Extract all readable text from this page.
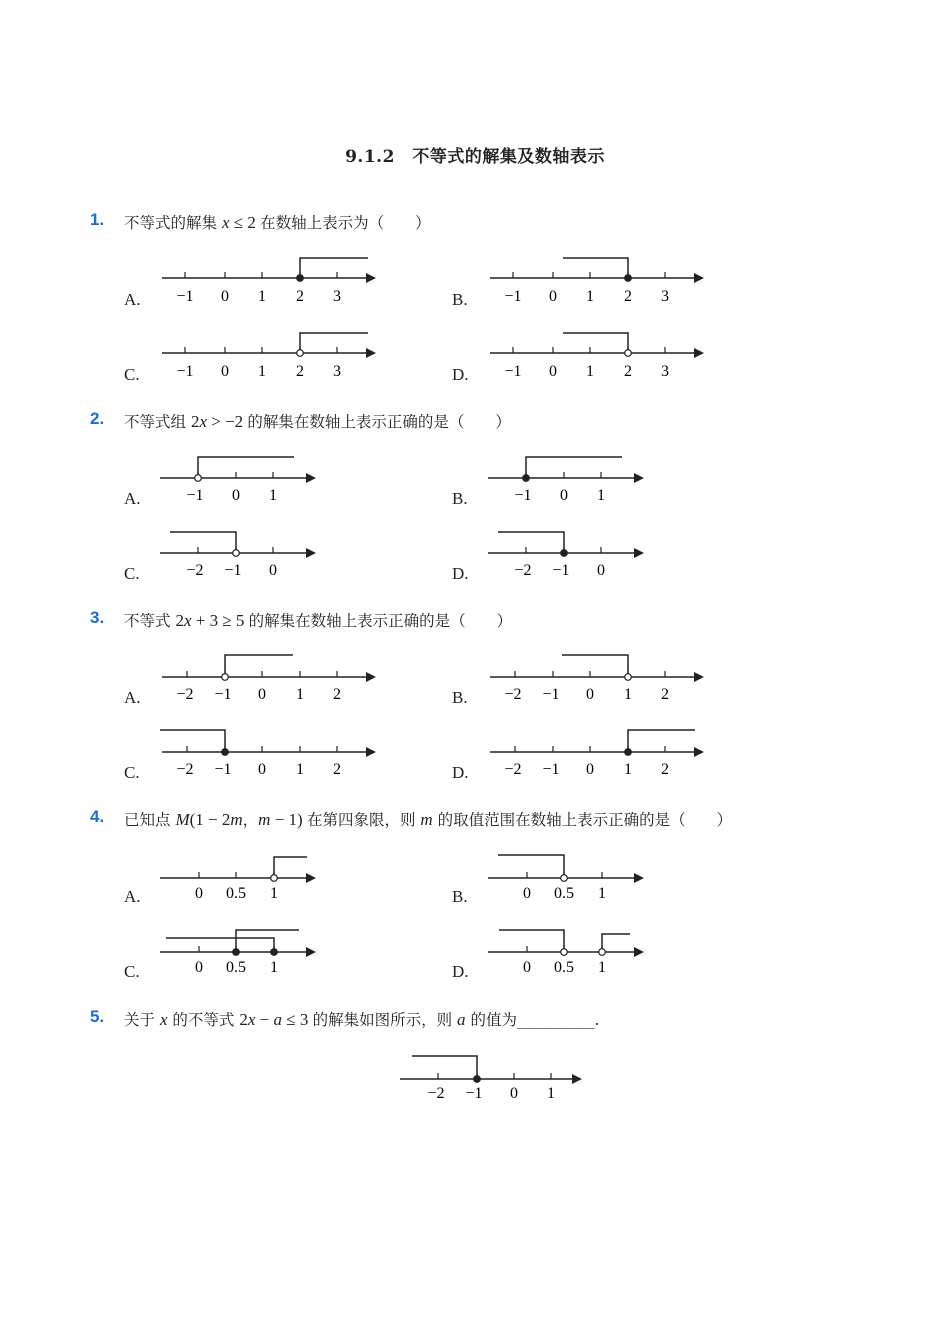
9.1.2　不等式的解集及数轴表示
1. 不等式的解集 x ≤ 2 在数轴上表示为（　　）
A. −1 0 1 2 3	B. −1 0 1 2 3
C. −1 0 1 2 3	D. −1 0 1 2 3
2. 不等式组 2x > −2 的解集在数轴上表示正确的是（　　）
A.	−1 0 1	B.	−1 0 1
C.	−2 −1 0	D.	−2 −1 0
3. 不等式 2x + 3 ≥ 5 的解集在数轴上表示正确的是（　　）
A. −2 −1 0 1 2	B. −2 −1 0 1 2
C. −2 −1 0 1 2	D. −2 −1 0 1 2
4. 已知点 M(1 − 2m，m − 1) 在第四象限，则 m 的取值范围在数轴上表示正确的是（　　）
A.	0 0.5 1	B.	0 0.5 1
C.	0 0.5 1	D.	0 0.5 1
5. 关于 x 的不等式 2x − a ≤ 3 的解集如图所示，则 a 的值为__________.
−2 −1 0 1
